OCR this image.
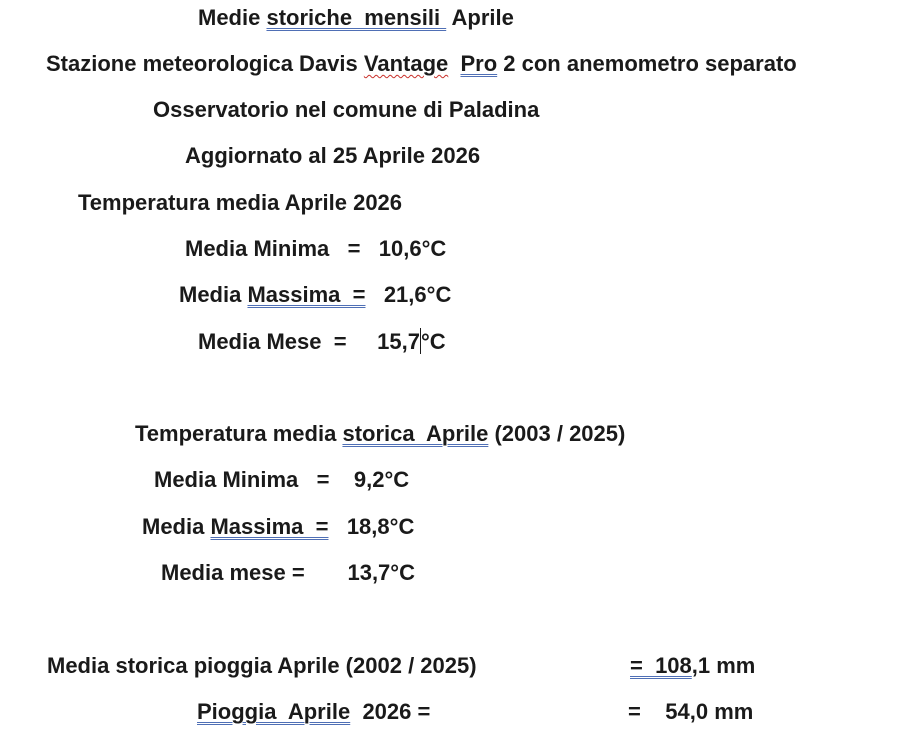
Medie storiche  mensili  Aprile
Stazione meteorologica Davis Vantage Pro 2 con anemometro separato
Osservatorio nel comune di Paladina
Aggiornato al 25 Aprile 2026
Temperatura media Aprile 2026
Media Minima   =   10,6°C
Media Massima  =   21,6°C
Media Mese  =     15,7°C
Temperatura media storica  Aprile (2003 / 2025)
Media Minima   =    9,2°C
Media Massima  =   18,8°C
Media mese =       13,7°C
Media storica pioggia Aprile (2002 / 2025)	=  108,1 mm
Pioggia  Aprile  2026 =	=    54,0 mm
